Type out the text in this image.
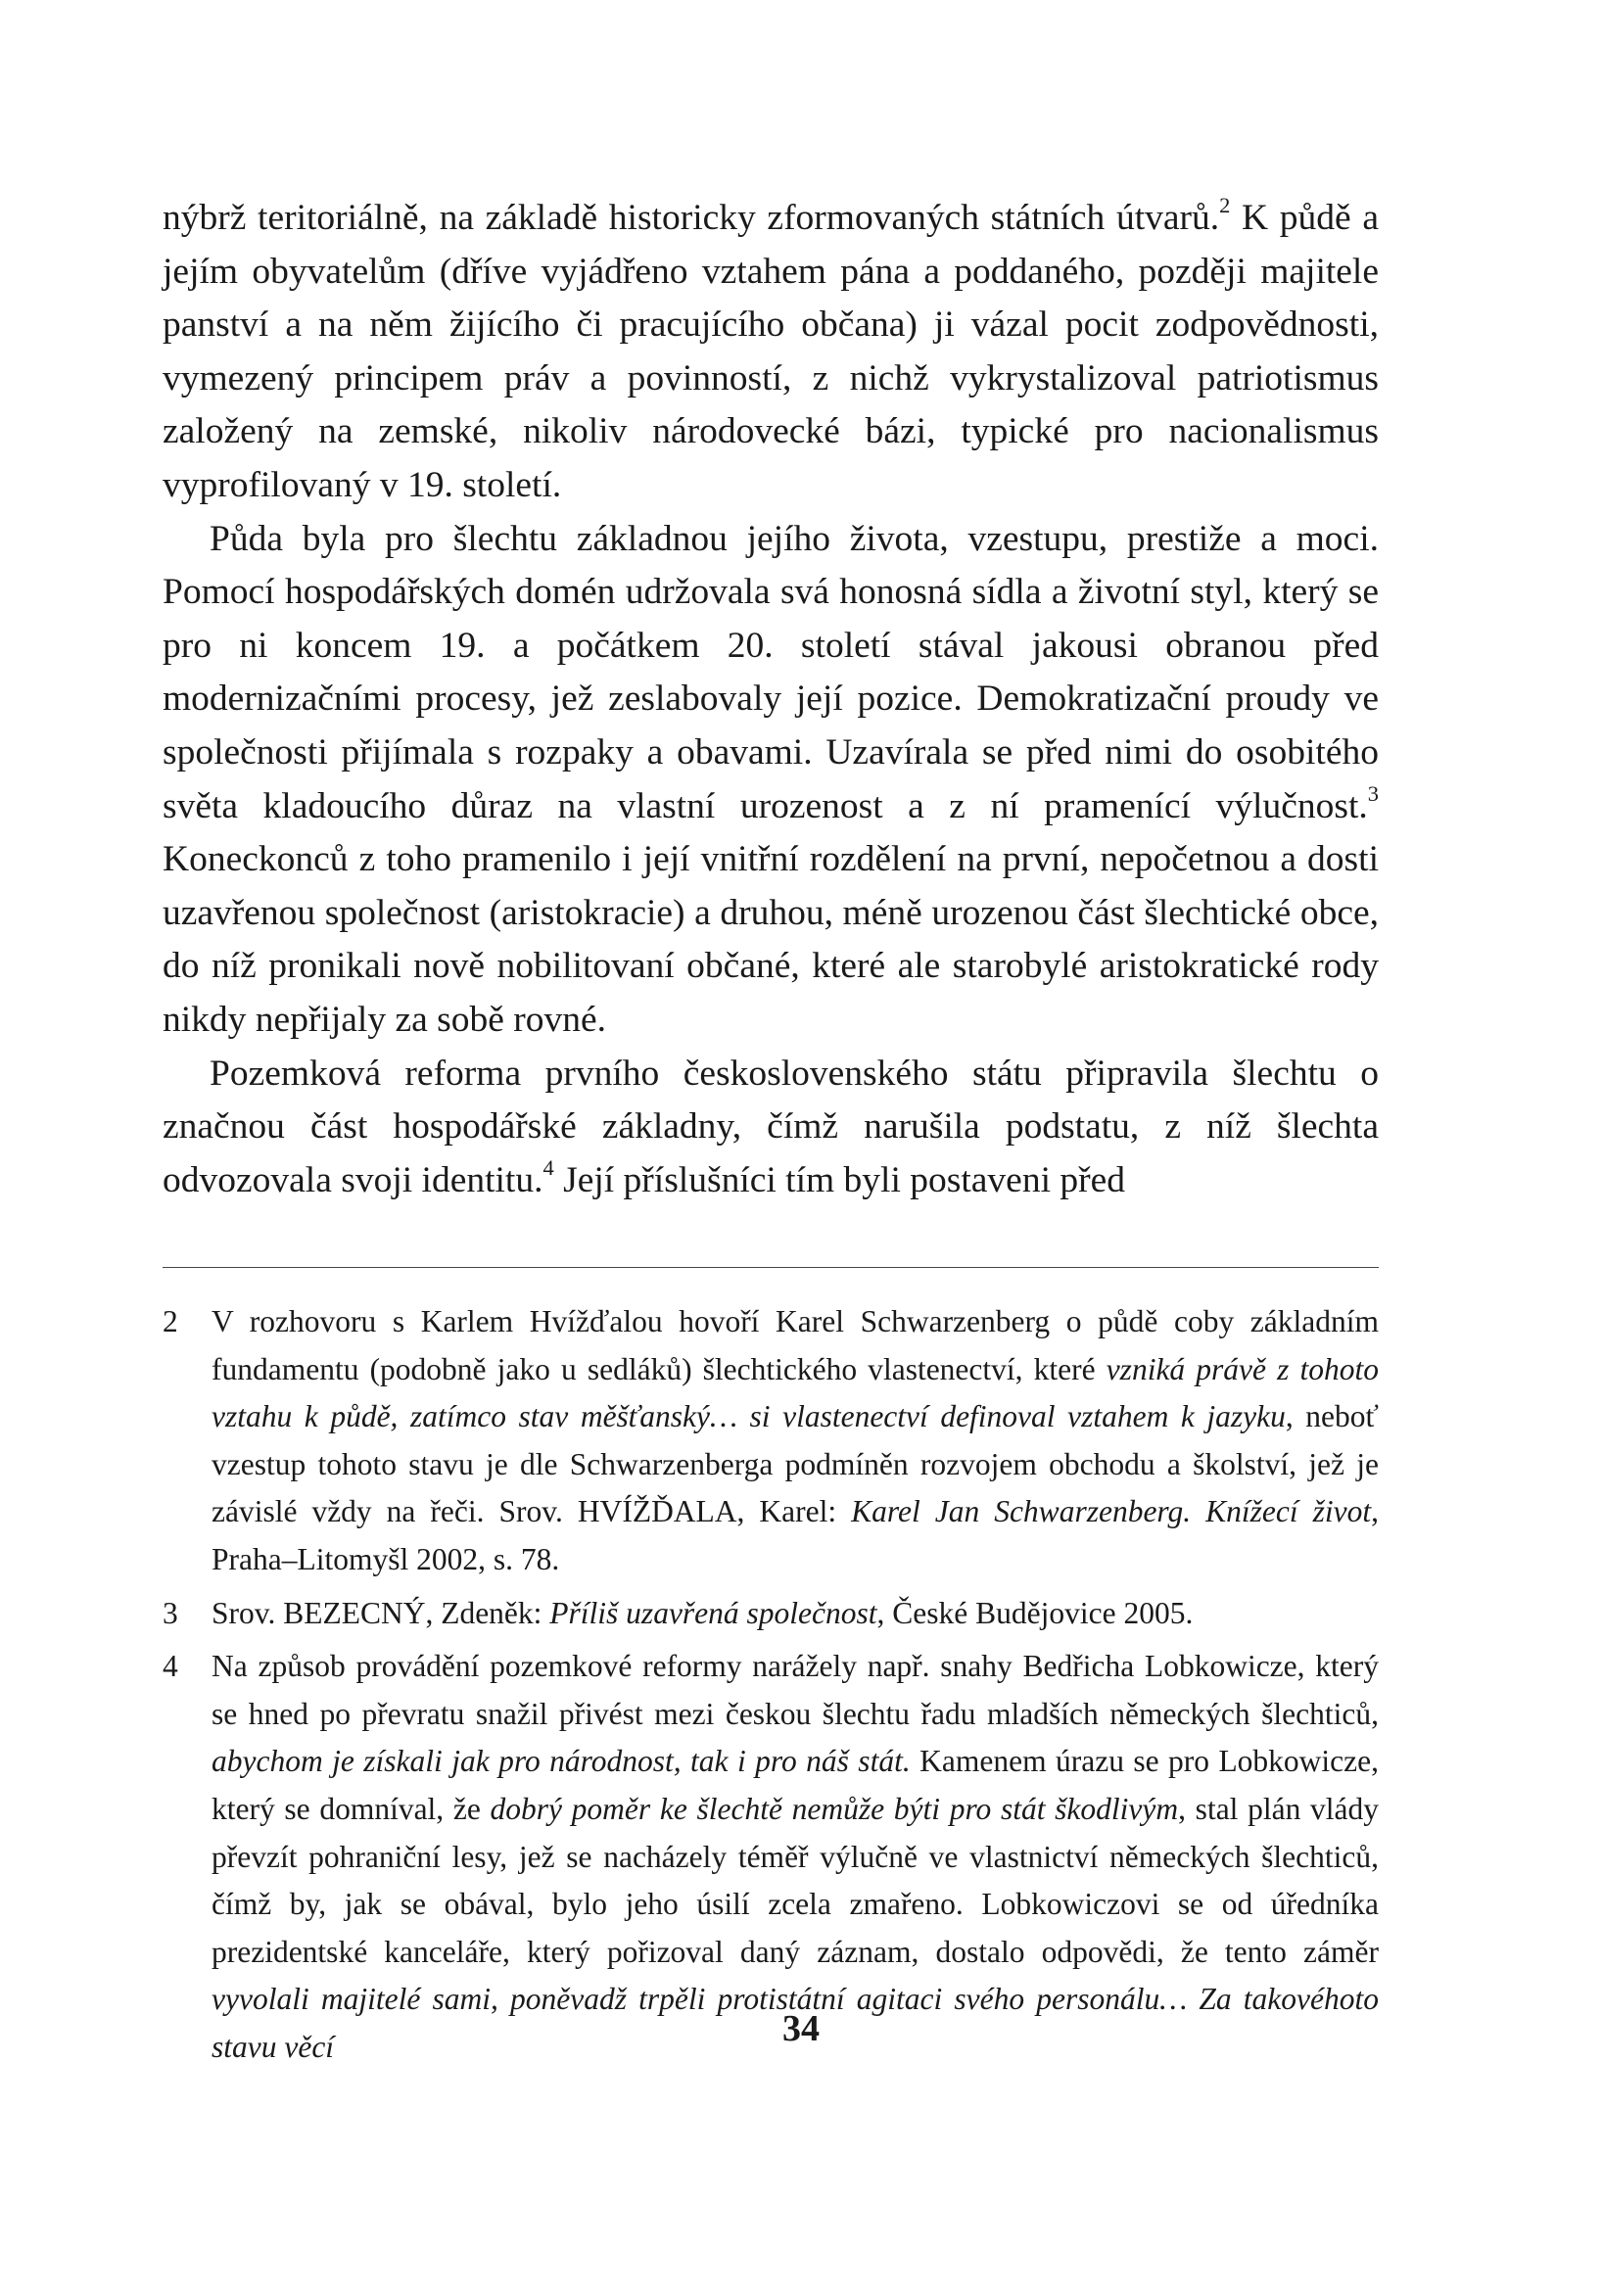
nýbrž teritoriálně, na základě historicky zformovaných státních útvarů.$^2$ K půdě a jejím obyvatelům (dříve vyjádřeno vztahem pána a poddaného, později majitele panství a na něm žijícího či pracujícího občana) ji vázal pocit zodpovědnosti, vymezený principem práv a povinností, z nichž vykrystalizoval patriotismus založený na zemské, nikoliv národovecké bázi, typické pro nacionalismus vyprofilovaný v 19. století.

Půda byla pro šlechtu základnou jejího života, vzestupu, prestiže a moci. Pomocí hospodářských domén udržovala svá honosná sídla a životní styl, který se pro ni koncem 19. a počátkem 20. století stával jakousi obranou před modernizačními procesy, jež zeslabovaly její pozice. Demokratizační proudy ve společnosti přijímala s rozpaky a obavami. Uzavírala se před nimi do osobitého světa kladoucího důraz na vlastní urozenost a z ní pramenící výlučnost.$^3$ Koneckonců z toho pramenilo i její vnitřní rozdělení na první, nepočetnou a dosti uzavřenou společnost (aristokracie) a druhou, méně urozenou část šlechtické obce, do níž pronikali nově nobilitovaní občané, které ale starobylé aristokratické rody nikdy nepřijaly za sobě rovné.

Pozemková reforma prvního československého státu připravila šlechtu o značnou část hospodářské základny, čímž narušila podstatu, z níž šlechta odvozovala svoji identitu.$^4$ Její příslušníci tím byli postaveni před

2	V rozhovoru s Karlem Hvížďalou hovoří Karel Schwarzenberg o půdě coby základním fundamentu (podobně jako u sedláků) šlechtického vlastenectví, které vzniká právě z tohoto vztahu k půdě, zatímco stav měšťanský… si vlastenectví definoval vztahem k jazyku, neboť vzestup tohoto stavu je dle Schwarzenberga podmíněn rozvojem obchodu a školství, jež je závislé vždy na řeči. Srov. HVÍŽĎALA, Karel: Karel Jan Schwarzenberg. Knížecí život, Praha–Litomyšl 2002, s. 78.
3	Srov. BEZECNÝ, Zdeněk: Příliš uzavřená společnost, České Budějovice 2005.
4	Na způsob provádění pozemkové reformy narážely např. snahy Bedřicha Lobkowicze, který se hned po převratu snažil přivést mezi českou šlechtu řadu mladších německých šlechticů, abychom je získali jak pro národnost, tak i pro náš stát. Kamenem úrazu se pro Lobkowicze, který se domníval, že dobrý poměr ke šlechtě nemůže býti pro stát škodlivým, stal plán vlády převzít pohraniční lesy, jež se nacházely téměř výlučně ve vlastnictví německých šlechticů, čímž by, jak se obával, bylo jeho úsilí zcela zmařeno. Lobkowiczovi se od úředníka prezidentské kanceláře, který pořizoval daný záznam, dostalo odpovědi, že tento záměr vyvolali majitelé sami, poněvadž trpěli protistátní agitaci svého personálu… Za takovéhoto stavu věcí	34
